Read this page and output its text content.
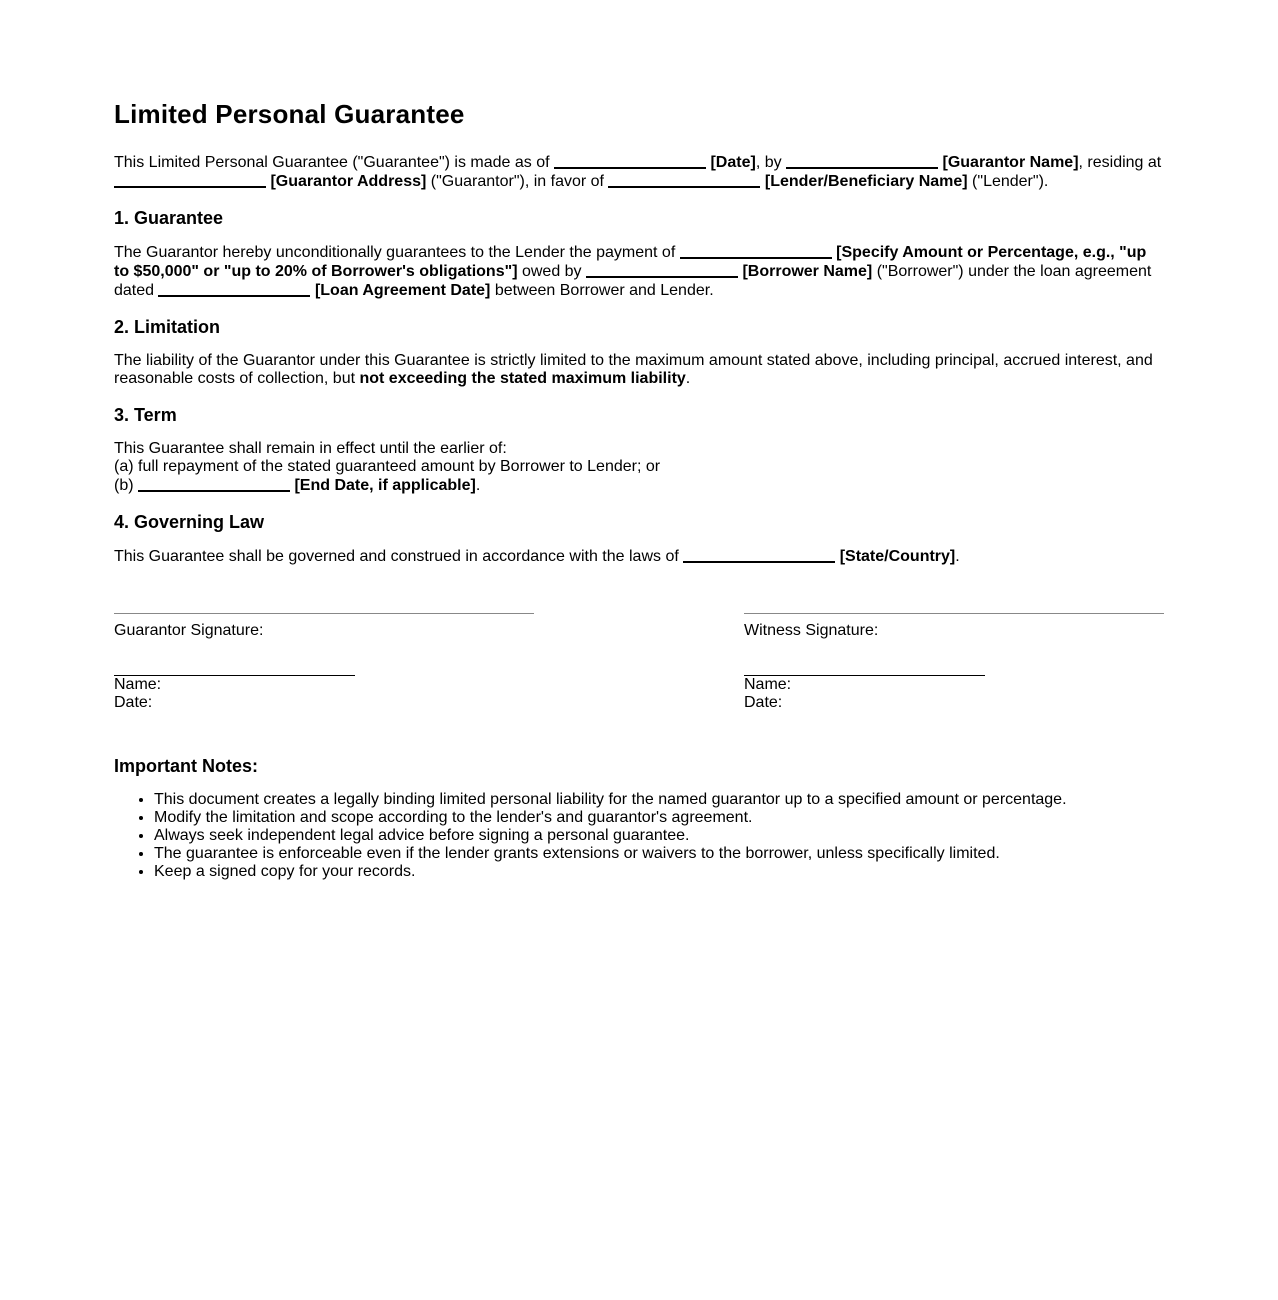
Limited Personal Guarantee

This Limited Personal Guarantee ("Guarantee") is made as of	[Date], by	[Guarantor Name], residing at  [Guarantor Address] ("Guarantor"), in favor of	[Lender/Beneficiary Name] ("Lender").

1. Guarantee

The Guarantor hereby unconditionally guarantees to the Lender the payment of	[Specify Amount or Percentage, e.g., "up to $50,000" or "up to 20% of Borrower's obligations"] owed by	[Borrower Name] ("Borrower") under the loan agreement dated	[Loan Agreement Date] between Borrower and Lender.

2. Limitation

The liability of the Guarantor under this Guarantee is strictly limited to the maximum amount stated above, including principal, accrued interest, and reasonable costs of collection, but not exceeding the stated maximum liability.

3. Term

This Guarantee shall remain in effect until the earlier of:
(a) full repayment of the stated guaranteed amount by Borrower to Lender; or
(b)	[End Date, if applicable].

4. Governing Law

This Guarantee shall be governed and construed in accordance with the laws of	[State/Country].

Guarantor Signature:
Name:
Date:
Witness Signature:
Name:
Date:
Important Notes:
• This document creates a legally binding limited personal liability for the named guarantor up to a specified amount or percentage.
• Modify the limitation and scope according to the lender's and guarantor's agreement.
• Always seek independent legal advice before signing a personal guarantee.
• The guarantee is enforceable even if the lender grants extensions or waivers to the borrower, unless specifically limited.
• Keep a signed copy for your records.
